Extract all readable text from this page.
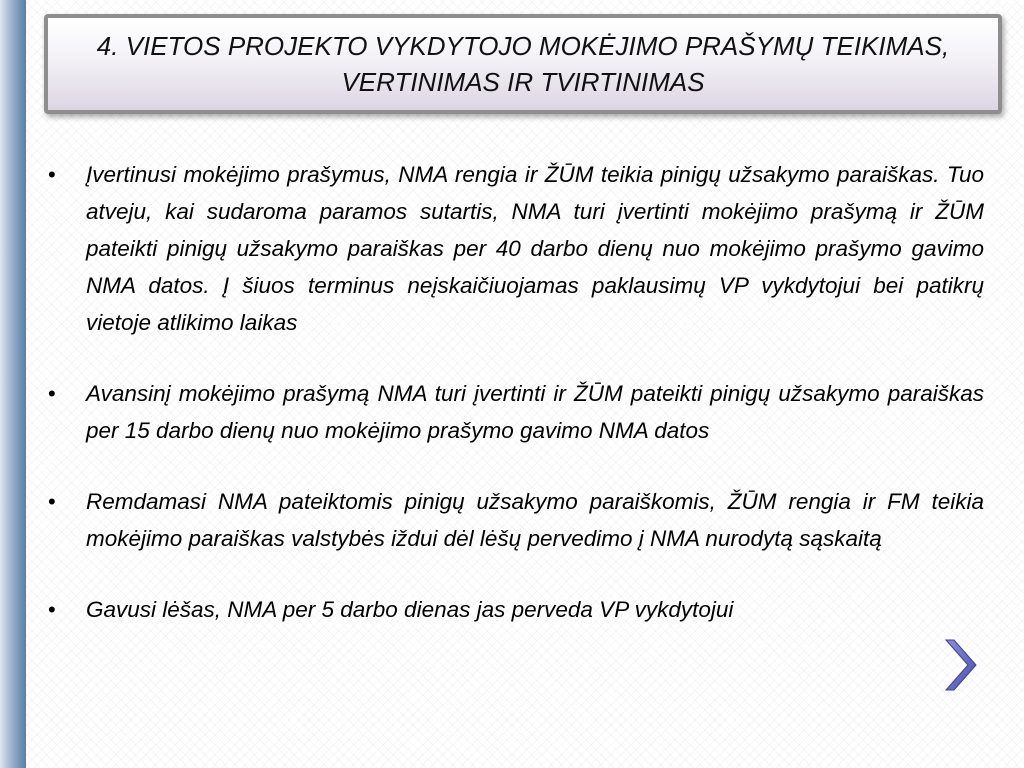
4. VIETOS PROJEKTO VYKDYTOJO MOKĖJIMO PRAŠYMŲ TEIKIMAS,
VERTINIMAS IR TVIRTINIMAS
• Įvertinusi mokėjimo prašymus, NMA rengia ir ŽŪM teikia pinigų užsakymo paraiškas. Tuo atveju, kai sudaroma paramos sutartis, NMA turi įvertinti mokėjimo prašymą ir ŽŪM pateikti pinigų užsakymo paraiškas per 40 darbo dienų nuo mokėjimo prašymo gavimo NMA datos. Į šiuos terminus neįskaičiuojamas paklausimų VP vykdytojui bei patikrų vietoje atlikimo laikas
• Avansinį mokėjimo prašymą NMA turi įvertinti ir ŽŪM pateikti pinigų užsakymo paraiškas per 15 darbo dienų nuo mokėjimo prašymo gavimo NMA datos
• Remdamasi NMA pateiktomis pinigų užsakymo paraiškomis, ŽŪM rengia ir FM teikia mokėjimo paraiškas valstybės iždui dėl lėšų pervedimo į NMA nurodytą sąskaitą
• Gavusi lėšas, NMA per 5 darbo dienas jas perveda VP vykdytojui
